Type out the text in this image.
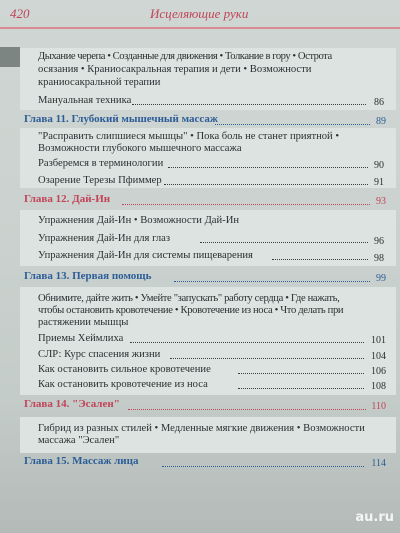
420	Исцеляющие руки
Дыхание черепа • Созданные для движения • Толкание в гору • Острота
осязания • Краниосакральная терапия и дети • Возможности
краниосакральной терапии
Мануальная техника	86
Глава 11. Глубокий мышечный массаж	89
"Расправить слипшиеся мышцы" • Пока боль не станет приятной •
Возможности глубокого мышечного массажа
Разберемся в терминологии	90
Озарение Терезы Пфиммер	91
Глава 12. Дай-Ин	93
Упражнения Дай-Ин • Возможности Дай-Ин
Упражнения Дай-Ин для глаз	96
Упражнения Дай-Ин для системы пищеварения	98
Глава 13. Первая помощь	99
Обнимите, дайте жить • Умейте "запускать" работу сердца • Где нажать,
чтобы остановить кровотечение • Кровотечение из носа • Что делать при
растяжении мышцы
Приемы Хеймлиха	101
CЛР: Курс спасения жизни	104
Как остановить сильное кровотечение	106
Как остановить кровотечение из носа	108
Глава 14. "Эсален"	110
Гибрид из разных стилей • Медленные мягкие движения • Возможности
массажа "Эсален"
Глава 15. Массаж лица	114
au.ru
